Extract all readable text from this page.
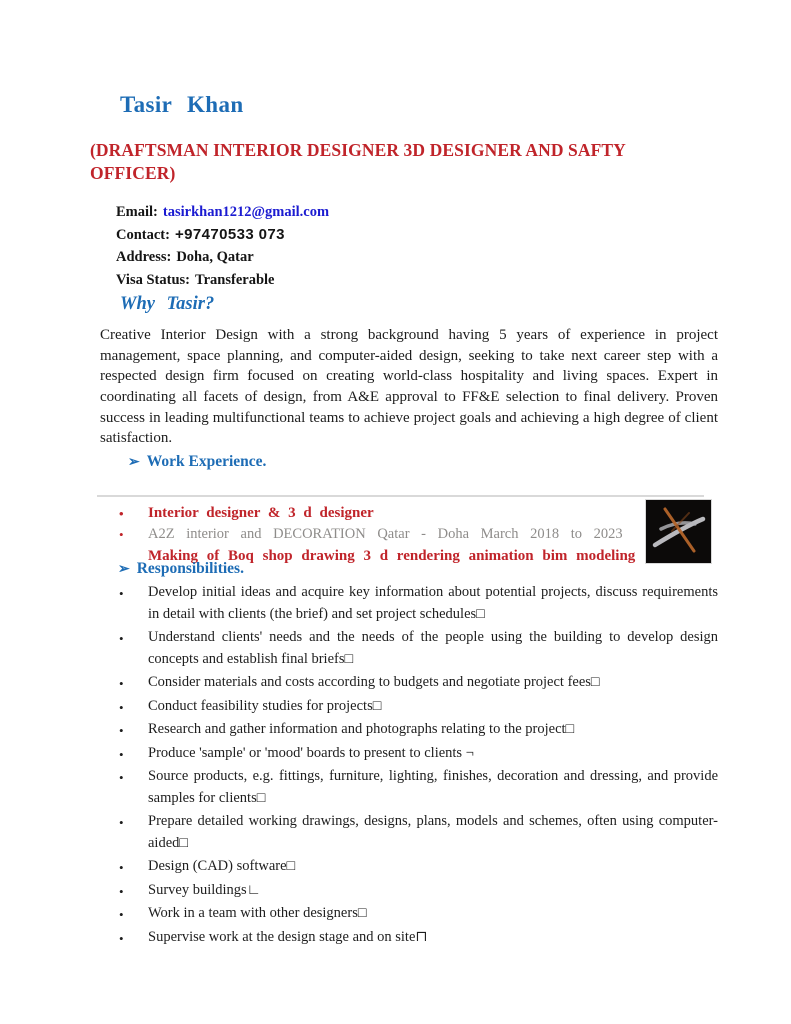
Tasir Khan
(DRAFTSMAN INTERIOR DESIGNER 3D DESIGNER AND SAFTY OFFICER)
Email: tasirkhan1212@gmail.com
Contact: +97470533 073
Address: Doha, Qatar
Visa Status: Transferable
Why Tasir?

Creative Interior Design with a strong background having 5 years of experience in project management, space planning, and computer-aided design, seeking to take next career step with a respected design firm focused on creating world-class hospitality and living spaces. Expert in coordinating all facets of design, from A&E approval to FF&E selection to final delivery. Proven success in leading multifunctional teams to achieve project goals and achieving a high degree of client satisfaction.

➢ Work Experience.
• Interior designer & 3 d designer
• A2Z interior and DECORATION Qatar - Doha March 2018 to 2023
Making of Boq shop drawing 3 d rendering animation bim modeling
➢ Responsibilities.
• Develop initial ideas and acquire key information about potential projects, discuss requirements in detail with clients (the brief) and set project schedules□
• Understand clients' needs and the needs of the people using the building to develop design concepts and establish final briefs□
• Consider materials and costs according to budgets and negotiate project fees□
• Conduct feasibility studies for projects□
• Research and gather information and photographs relating to the project□
• Produce 'sample' or 'mood' boards to present to clients ¬
• Source products, e.g. fittings, furniture, lighting, finishes, decoration and dressing, and provide samples for clients□
• Prepare detailed working drawings, designs, plans, models and schemes, often using computer-aided□
• Design (CAD) software□
• Survey buildings∟
• Work in a team with other designers□
• Supervise work at the design stage and on site⊓
